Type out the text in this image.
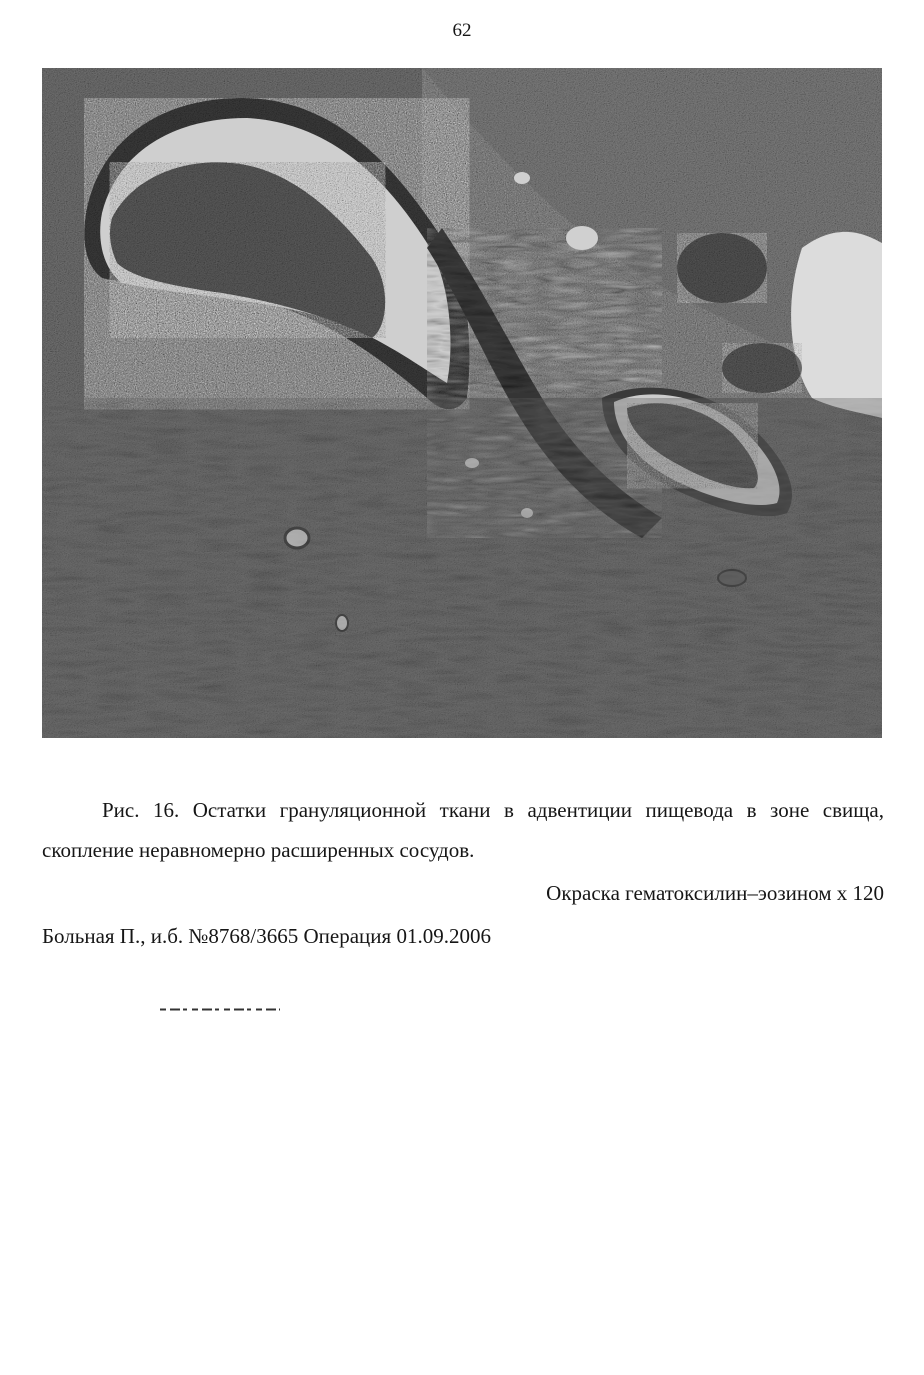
62
Рис. 16. Остатки грануляционной ткани в адвентиции пищевода в зоне свища, скопление неравномерно расширенных сосудов.
Окраска гематоксилин–эозином х 120
Больная П., и.б. №8768/3665 Операция 01.09.2006
